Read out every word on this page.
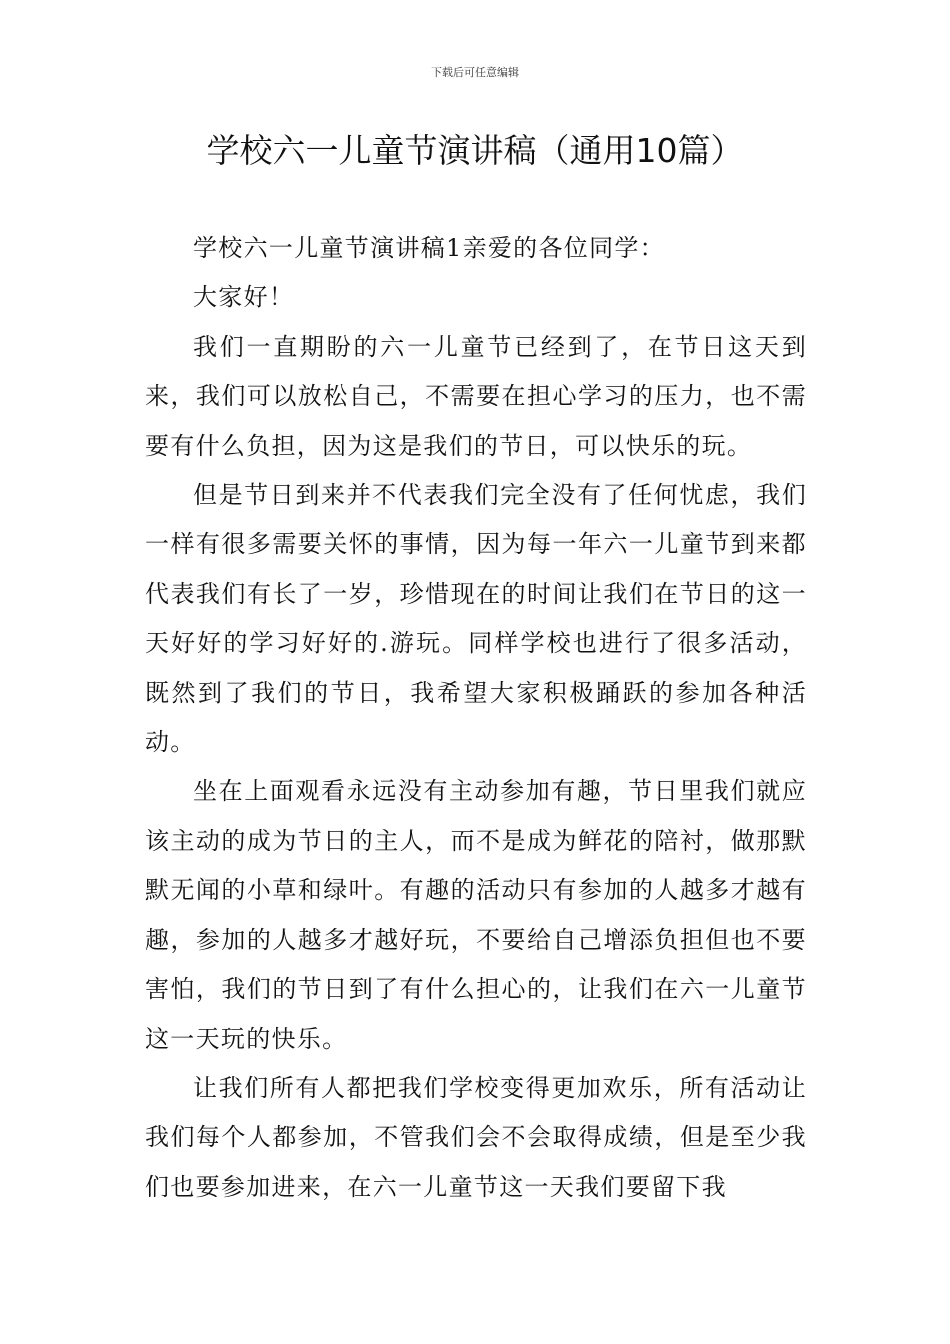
下载后可任意编辑
学校六一儿童节演讲稿（通用10篇）

学校六一儿童节演讲稿1亲爱的各位同学：

大家好！

我们一直期盼的六一儿童节已经到了，在节日这天到来，我们可以放松自己，不需要在担心学习的压力，也不需要有什么负担，因为这是我们的节日，可以快乐的玩。

但是节日到来并不代表我们完全没有了任何忧虑，我们一样有很多需要关怀的事情，因为每一年六一儿童节到来都代表我们有长了一岁，珍惜现在的时间让我们在节日的这一天好好的学习好好的.游玩。同样学校也进行了很多活动，既然到了我们的节日，我希望大家积极踊跃的参加各种活动。

坐在上面观看永远没有主动参加有趣，节日里我们就应该主动的成为节日的主人，而不是成为鲜花的陪衬，做那默默无闻的小草和绿叶。有趣的活动只有参加的人越多才越有趣，参加的人越多才越好玩，不要给自己增添负担但也不要害怕，我们的节日到了有什么担心的，让我们在六一儿童节这一天玩的快乐。

让我们所有人都把我们学校变得更加欢乐，所有活动让我们每个人都参加，不管我们会不会取得成绩，但是至少我们也要参加进来，在六一儿童节这一天我们要留下我
